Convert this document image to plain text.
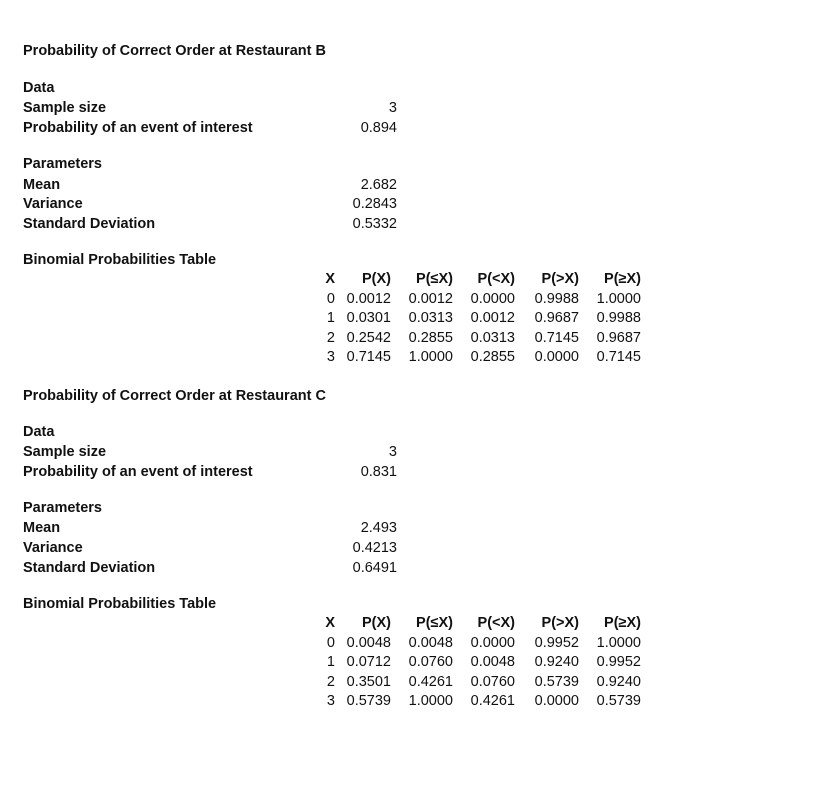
Probability of Correct Order at Restaurant B
Data
Sample size	3
Probability of an event of interest	0.894
Parameters
Mean	2.682
Variance	0.2843
Standard Deviation	0.5332
Binomial Probabilities Table
X	P(X)	P(≤X)	P(<X)	P(>X)	P(≥X)
0	0.0012	0.0012	0.0000	0.9988	1.0000
1	0.0301	0.0313	0.0012	0.9687	0.9988
2	0.2542	0.2855	0.0313	0.7145	0.9687
3	0.7145	1.0000	0.2855	0.0000	0.7145
Probability of Correct Order at Restaurant C
Data
Sample size	3
Probability of an event of interest	0.831
Parameters
Mean	2.493
Variance	0.4213
Standard Deviation	0.6491
Binomial Probabilities Table
X	P(X)	P(≤X)	P(<X)	P(>X)	P(≥X)
0	0.0048	0.0048	0.0000	0.9952	1.0000
1	0.0712	0.0760	0.0048	0.9240	0.9952
2	0.3501	0.4261	0.0760	0.5739	0.9240
3	0.5739	1.0000	0.4261	0.0000	0.5739
